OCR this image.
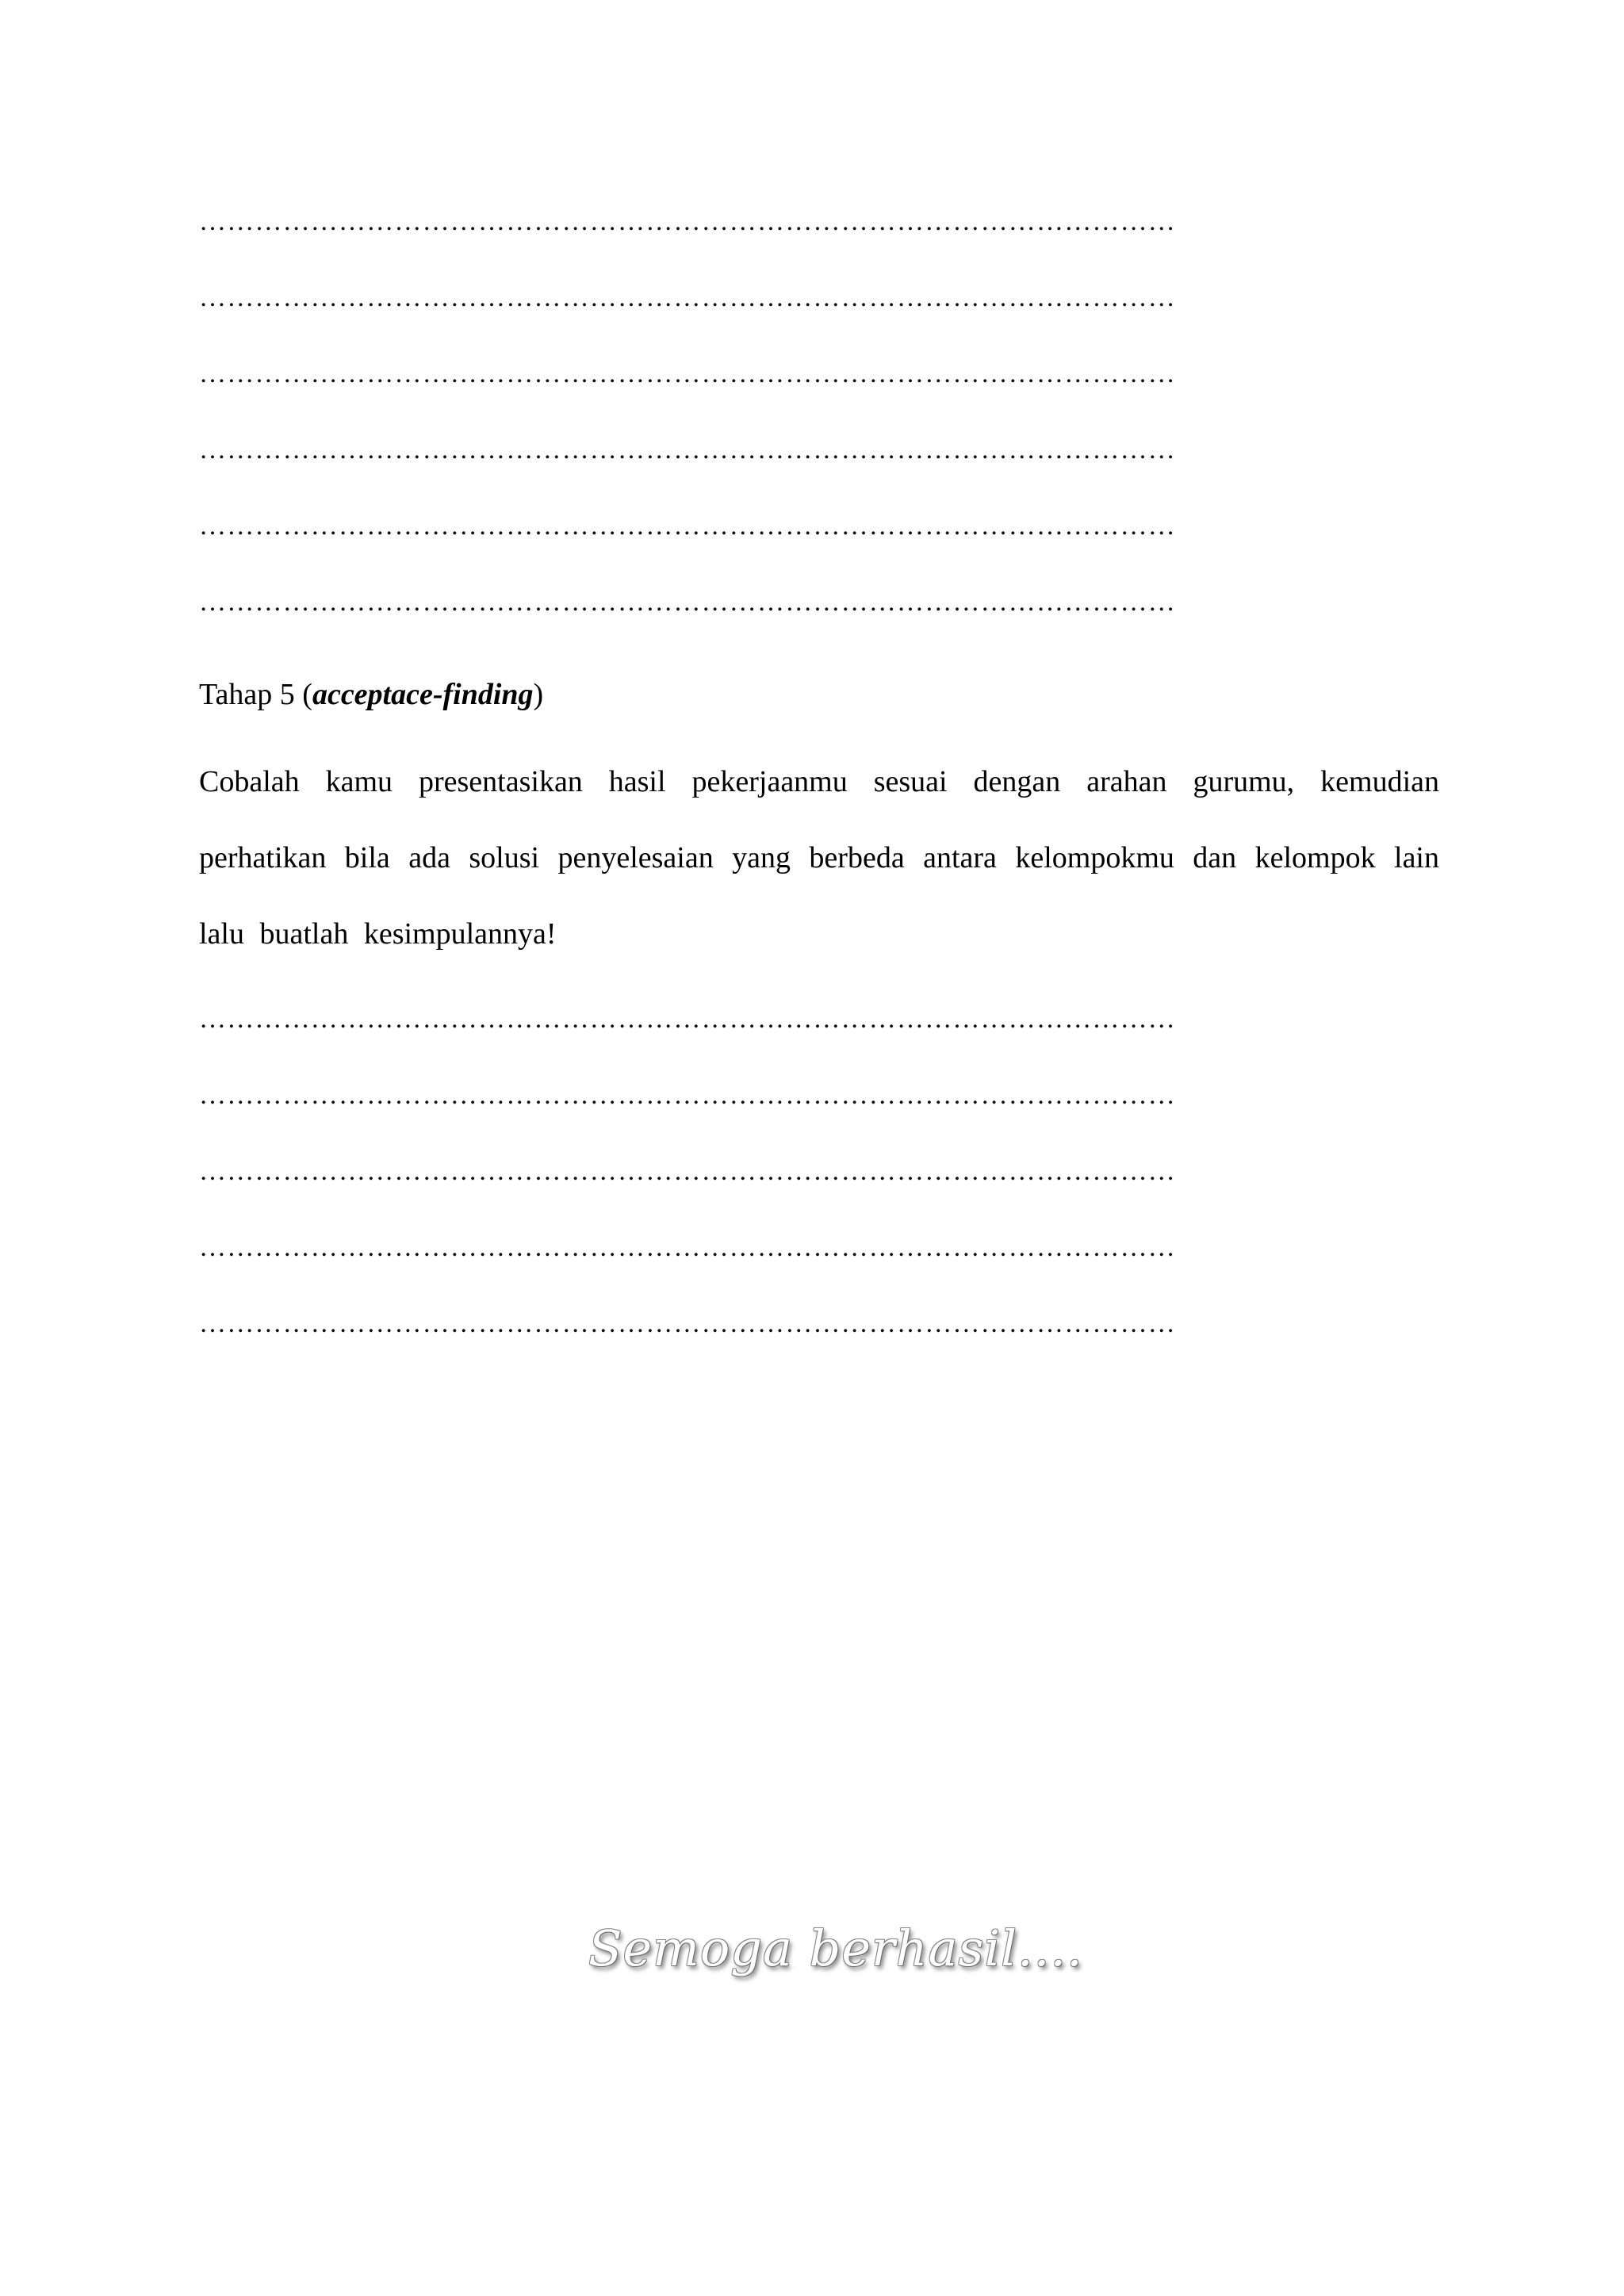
……………………………………………………………………………………………
……………………………………………………………………………………………
……………………………………………………………………………………………
……………………………………………………………………………………………
……………………………………………………………………………………………
……………………………………………………………………………………………
Tahap 5 (acceptace-finding)
Cobalah kamu presentasikan hasil pekerjaanmu sesuai dengan arahan gurumu, kemudian
perhatikan bila ada solusi penyelesaian yang berbeda antara kelompokmu dan kelompok lain
lalu buatlah kesimpulannya!
……………………………………………………………………………………………
……………………………………………………………………………………………
……………………………………………………………………………………………
……………………………………………………………………………………………
……………………………………………………………………………………………
Semoga berhasil....
